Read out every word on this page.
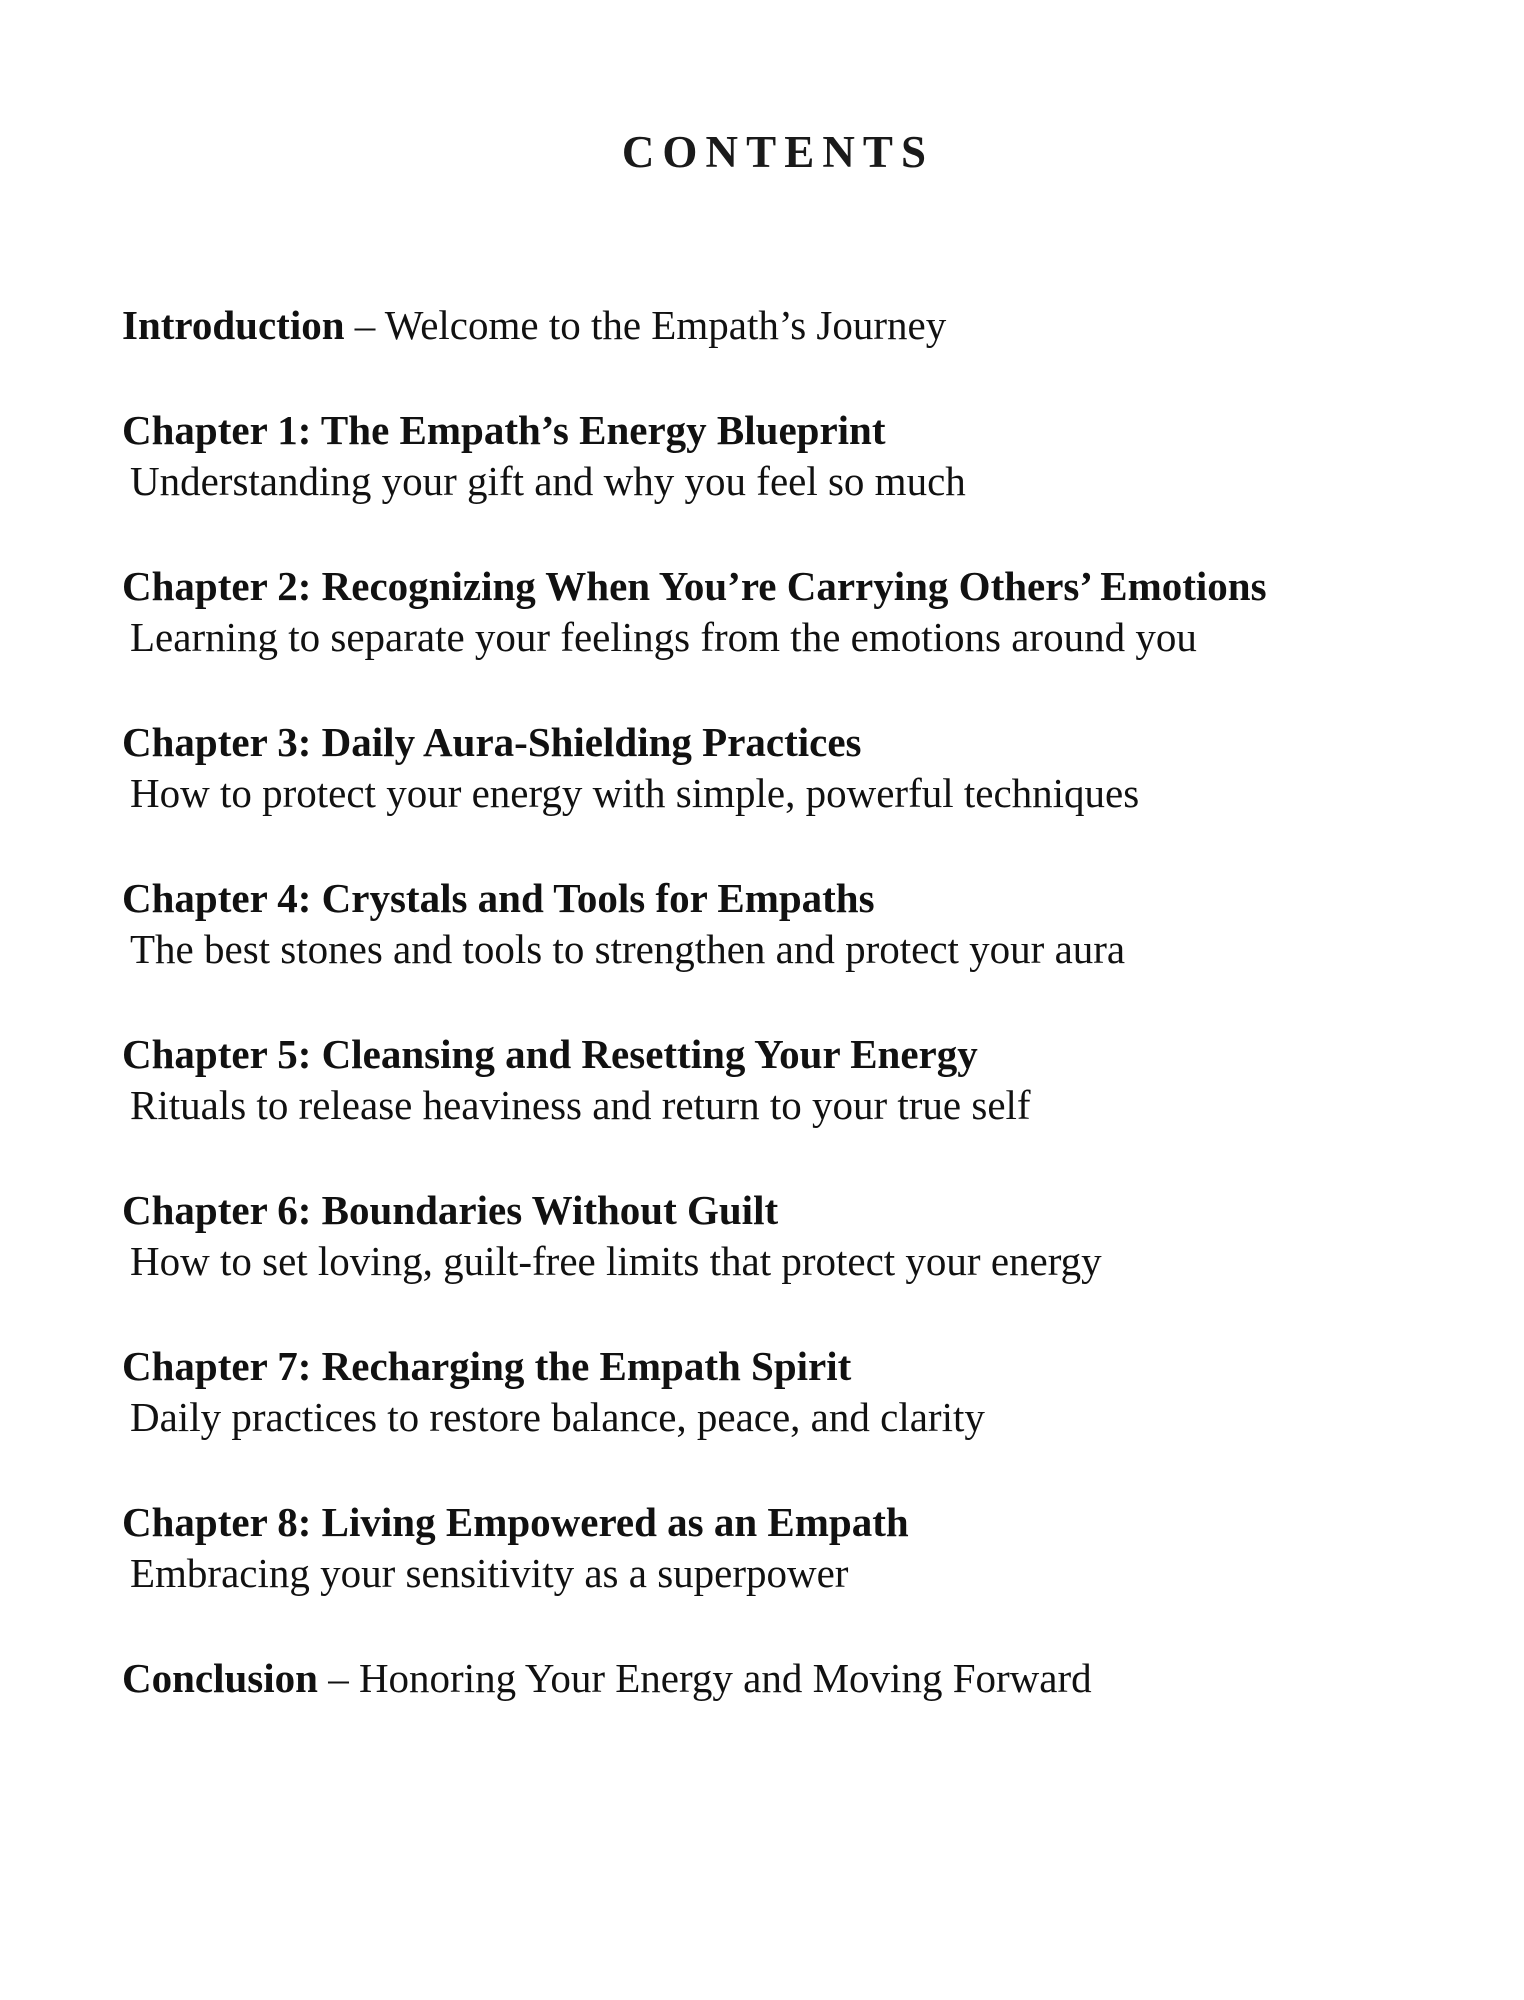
CONTENTS
Introduction – Welcome to the Empath’s Journey
Chapter 1: The Empath’s Energy Blueprint
Understanding your gift and why you feel so much
Chapter 2: Recognizing When You’re Carrying Others’ Emotions
Learning to separate your feelings from the emotions around you
Chapter 3: Daily Aura-Shielding Practices
How to protect your energy with simple, powerful techniques
Chapter 4: Crystals and Tools for Empaths
The best stones and tools to strengthen and protect your aura
Chapter 5: Cleansing and Resetting Your Energy
Rituals to release heaviness and return to your true self
Chapter 6: Boundaries Without Guilt
How to set loving, guilt-free limits that protect your energy
Chapter 7: Recharging the Empath Spirit
Daily practices to restore balance, peace, and clarity
Chapter 8: Living Empowered as an Empath
Embracing your sensitivity as a superpower
Conclusion – Honoring Your Energy and Moving Forward
